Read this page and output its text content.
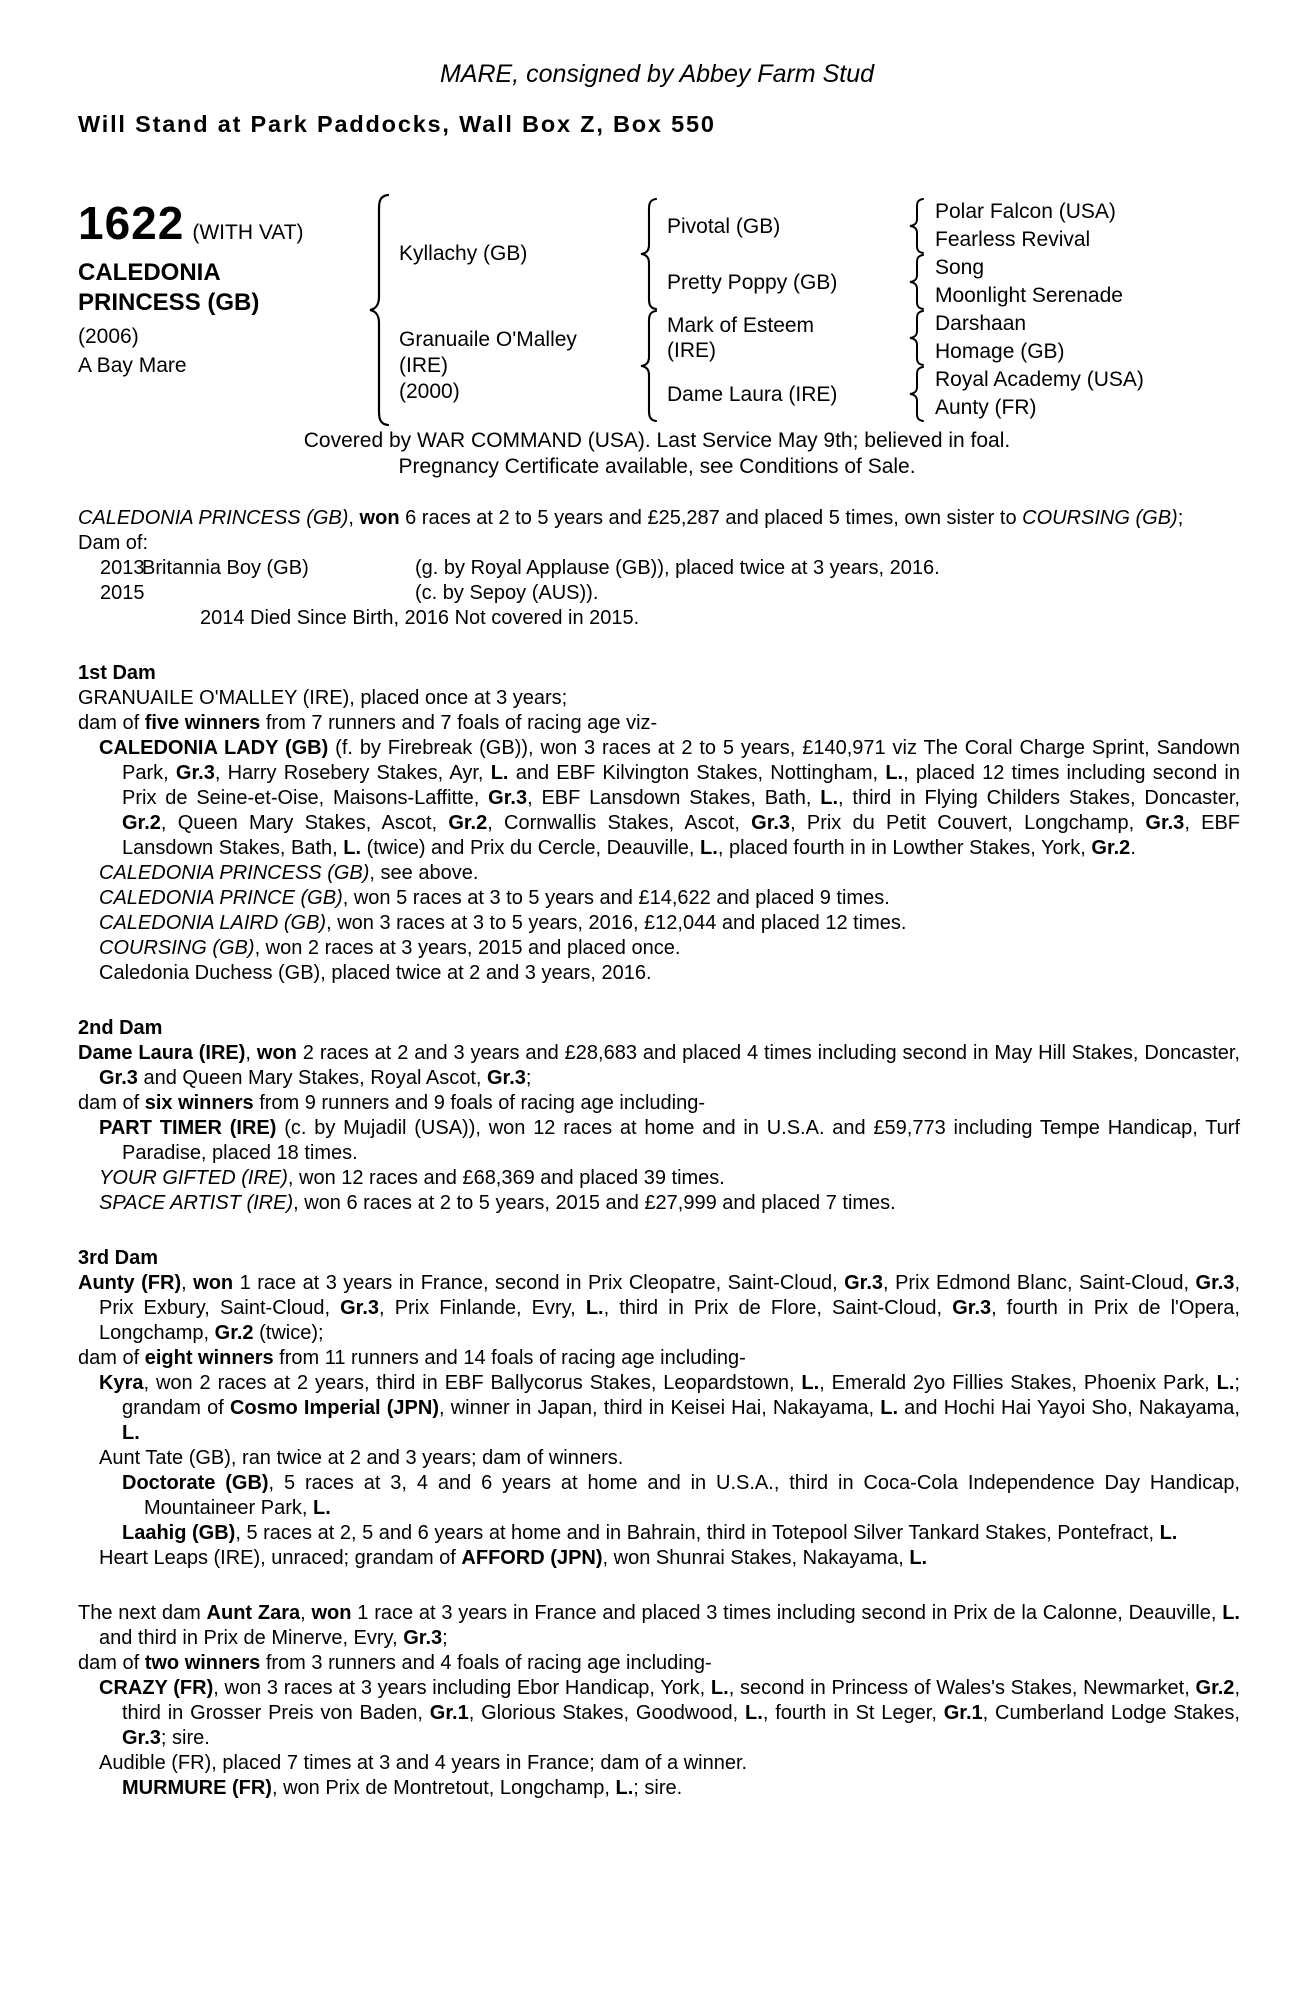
MARE, consigned by Abbey Farm Stud
Will Stand at Park Paddocks, Wall Box Z, Box 550
1622 (WITH VAT)
CALEDONIA
PRINCESS (GB)
(2006)
A Bay Mare
Kyllachy (GB)
Pivotal (GB)
Polar Falcon (USA)
Fearless Revival
Pretty Poppy (GB)
Song
Moonlight Serenade
Granuaile O'Malley
(IRE)
(2000)
Mark of Esteem
(IRE)
Darshaan
Homage (GB)
Dame Laura (IRE)
Royal Academy (USA)
Aunty (FR)
Covered by WAR COMMAND (USA). Last Service May 9th; believed in foal.
Pregnancy Certificate available, see Conditions of Sale.
CALEDONIA PRINCESS (GB), won 6 races at 2 to 5 years and £25,287 and placed 5 times, own sister to COURSING (GB);
Dam of:
2013
Britannia Boy (GB)	(g. by Royal Applause (GB)), placed twice at 3 years, 2016.
2015	(c. by Sepoy (AUS)).
2014 Died Since Birth, 2016 Not covered in 2015.
1st Dam
GRANUAILE O'MALLEY (IRE), placed once at 3 years;
dam of five winners from 7 runners and 7 foals of racing age viz-
CALEDONIA LADY (GB) (f. by Firebreak (GB)), won 3 races at 2 to 5 years, £140,971 viz The Coral Charge Sprint, Sandown Park, Gr.3, Harry Rosebery Stakes, Ayr, L. and EBF Kilvington Stakes, Nottingham, L., placed 12 times including second in Prix de Seine-et-Oise, Maisons-Laffitte, Gr.3, EBF Lansdown Stakes, Bath, L., third in Flying Childers Stakes, Doncaster, Gr.2, Queen Mary Stakes, Ascot, Gr.2, Cornwallis Stakes, Ascot, Gr.3, Prix du Petit Couvert, Longchamp, Gr.3, EBF Lansdown Stakes, Bath, L. (twice) and Prix du Cercle, Deauville, L., placed fourth in in Lowther Stakes, York, Gr.2.
CALEDONIA PRINCESS (GB), see above.
CALEDONIA PRINCE (GB), won 5 races at 3 to 5 years and £14,622 and placed 9 times.
CALEDONIA LAIRD (GB), won 3 races at 3 to 5 years, 2016, £12,044 and placed 12 times.
COURSING (GB), won 2 races at 3 years, 2015 and placed once.
Caledonia Duchess (GB), placed twice at 2 and 3 years, 2016.
2nd Dam
Dame Laura (IRE), won 2 races at 2 and 3 years and £28,683 and placed 4 times including second in May Hill Stakes, Doncaster, Gr.3 and Queen Mary Stakes, Royal Ascot, Gr.3;
dam of six winners from 9 runners and 9 foals of racing age including-
PART TIMER (IRE) (c. by Mujadil (USA)), won 12 races at home and in U.S.A. and £59,773 including Tempe Handicap, Turf Paradise, placed 18 times.
YOUR GIFTED (IRE), won 12 races and £68,369 and placed 39 times.
SPACE ARTIST (IRE), won 6 races at 2 to 5 years, 2015 and £27,999 and placed 7 times.
3rd Dam
Aunty (FR), won 1 race at 3 years in France, second in Prix Cleopatre, Saint-Cloud, Gr.3, Prix Edmond Blanc, Saint-Cloud, Gr.3, Prix Exbury, Saint-Cloud, Gr.3, Prix Finlande, Evry, L., third in Prix de Flore, Saint-Cloud, Gr.3, fourth in Prix de l'Opera, Longchamp, Gr.2 (twice);
dam of eight winners from 11 runners and 14 foals of racing age including-
Kyra, won 2 races at 2 years, third in EBF Ballycorus Stakes, Leopardstown, L., Emerald 2yo Fillies Stakes, Phoenix Park, L.; grandam of Cosmo Imperial (JPN), winner in Japan, third in Keisei Hai, Nakayama, L. and Hochi Hai Yayoi Sho, Nakayama, L.
Aunt Tate (GB), ran twice at 2 and 3 years; dam of winners.
Doctorate (GB), 5 races at 3, 4 and 6 years at home and in U.S.A., third in Coca-Cola Independence Day Handicap, Mountaineer Park, L.
Laahig (GB), 5 races at 2, 5 and 6 years at home and in Bahrain, third in Totepool Silver Tankard Stakes, Pontefract, L.
Heart Leaps (IRE), unraced; grandam of AFFORD (JPN), won Shunrai Stakes, Nakayama, L.
The next dam Aunt Zara, won 1 race at 3 years in France and placed 3 times including second in Prix de la Calonne, Deauville, L. and third in Prix de Minerve, Evry, Gr.3;
dam of two winners from 3 runners and 4 foals of racing age including-
CRAZY (FR), won 3 races at 3 years including Ebor Handicap, York, L., second in Princess of Wales's Stakes, Newmarket, Gr.2, third in Grosser Preis von Baden, Gr.1, Glorious Stakes, Goodwood, L., fourth in St Leger, Gr.1, Cumberland Lodge Stakes, Gr.3; sire.
Audible (FR), placed 7 times at 3 and 4 years in France; dam of a winner.
MURMURE (FR), won Prix de Montretout, Longchamp, L.; sire.
